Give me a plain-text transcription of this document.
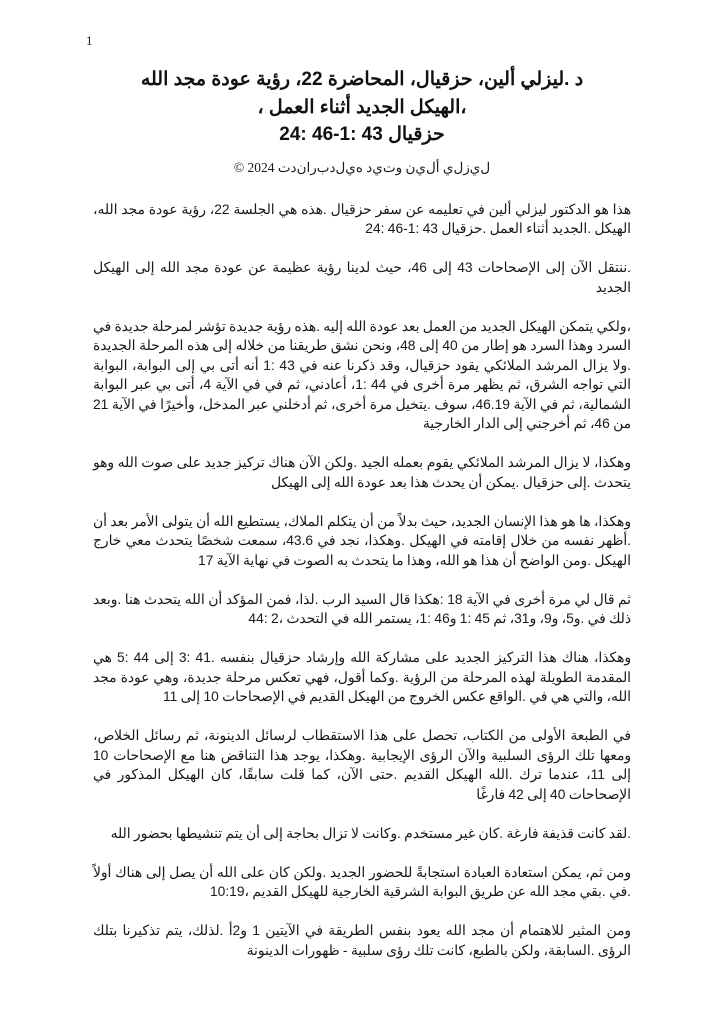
1
د .ليزلي ألين، حزقيال، المحاضرة 22، رؤية عودة مجد الله
،الهيكل الجديد أثناء العمل ،
حزقيال 43 :1‏-46 :24
ل‌ي‌ز‌ل‌ي أ‌ل‌ي‌ن و‌ت‌ي‌د ه‌ي‌ل‌د‌ب‌ر‌ا‌ن‌د‌ت 2024 ©

هذا هو الدكتور ليزلي ألين في تعليمه عن سفر حزقيال .هذه هي الجلسة 22، رؤية عودة مجد الله، الهيكل .الجديد أثناء العمل .حزقيال 43 :1‏-46 :24

.ننتقل الآن إلى الإصحاحات 43 إلى 46، حيث لدينا رؤية عظيمة عن عودة مجد الله إلى الهيكل الجديد

،ولكي يتمكن الهيكل الجديد من العمل بعد عودة الله إليه .هذه رؤية جديدة تؤشر لمرحلة جديدة في السرد وهذا السرد هو إطار من 40 إلى 48، ونحن نشق طريقنا من خلاله إلى هذه المرحلة الجديدة .ولا يزال المرشد الملائكي يقود حزقيال، وقد ذكرنا عنه في 43 :1 أنه أتى بي إلى البوابة، البوابة التي تواجه الشرق، ثم يظهر مرة أخرى في 44 :1، أعادني، ثم في في الآية 4، أتى بي عبر البوابة الشمالية، ثم في الآية 46.19، سوف .يتخيل مرة أخرى، ثم أدخلني عبر المدخل، وأخيرًا في الآية 21 من 46، ثم أخرجني إلى الدار الخارجية

وهكذا، لا يزال المرشد الملائكي يقوم بعمله الجيد .ولكن الآن هناك تركيز جديد على صوت الله وهو يتحدث .إلى حزقيال .يمكن أن يحدث هذا بعد عودة الله إلى الهيكل

وهكذا، ها هو هذا الإنسان الجديد، حيث بدلاً من أن يتكلم الملاك، يستطيع الله أن يتولى الأمر بعد أن .أظهر نفسه من خلال إقامته في الهيكل .وهكذا، نجد في 43.6، سمعت شخصًا يتحدث معي خارج الهيكل .ومن الواضح أن هذا هو الله، وهذا ما يتحدث به الصوت في نهاية الآية 17

ثم قال لي مرة أخرى في الآية 18 :هكذا قال السيد الرب .لذا، فمن المؤكد أن الله يتحدث هنا .وبعد ذلك في .و5، و9، و31، ثم 45 :1 و46 :1، يستمر الله في التحدث ،2 :44

وهكذا، هناك هذا التركيز الجديد على مشاركة الله وإرشاد حزقيال بنفسه .41 :3 إلى 44 :5 هي المقدمة الطويلة لهذه المرحلة من الرؤية .وكما أقول، فهي تعكس مرحلة جديدة، وهي عودة مجد الله، والتي هي في .الواقع عكس الخروج من الهيكل القديم في الإصحاحات 10 إلى 11

في الطبعة الأولى من الكتاب، تحصل على هذا الاستقطاب لرسائل الدينونة، ثم رسائل الخلاص، ومعها تلك الرؤى السلبية والآن الرؤى الإيجابية .وهكذا، يوجد هذا التناقض هنا مع الإصحاحات 10 إلى 11، عندما ترك .الله الهيكل القديم .حتى الآن، كما قلت سابقًا، كان الهيكل المذكور في الإصحاحات 40 إلى 42 فارغًا

.لقد كانت قذيفة فارغة .كان غير مستخدم .وكانت لا تزال بحاجة إلى أن يتم تنشيطها بحضور الله

ومن ثم، يمكن استعادة العبادة استجابةً للحضور الجديد .ولكن كان على الله أن يصل إلى هناك أولاً .في .بقي مجد الله عن طريق البوابة الشرقية الخارجية للهيكل القديم ،10:19

ومن المثير للاهتمام أن مجد الله يعود بنفس الطريقة في الآيتين 1 و2أ .لذلك، يتم تذكيرنا بتلك الرؤى .السابقة، ولكن بالطبع، كانت تلك رؤى سلبية - ظهورات الدينونة
